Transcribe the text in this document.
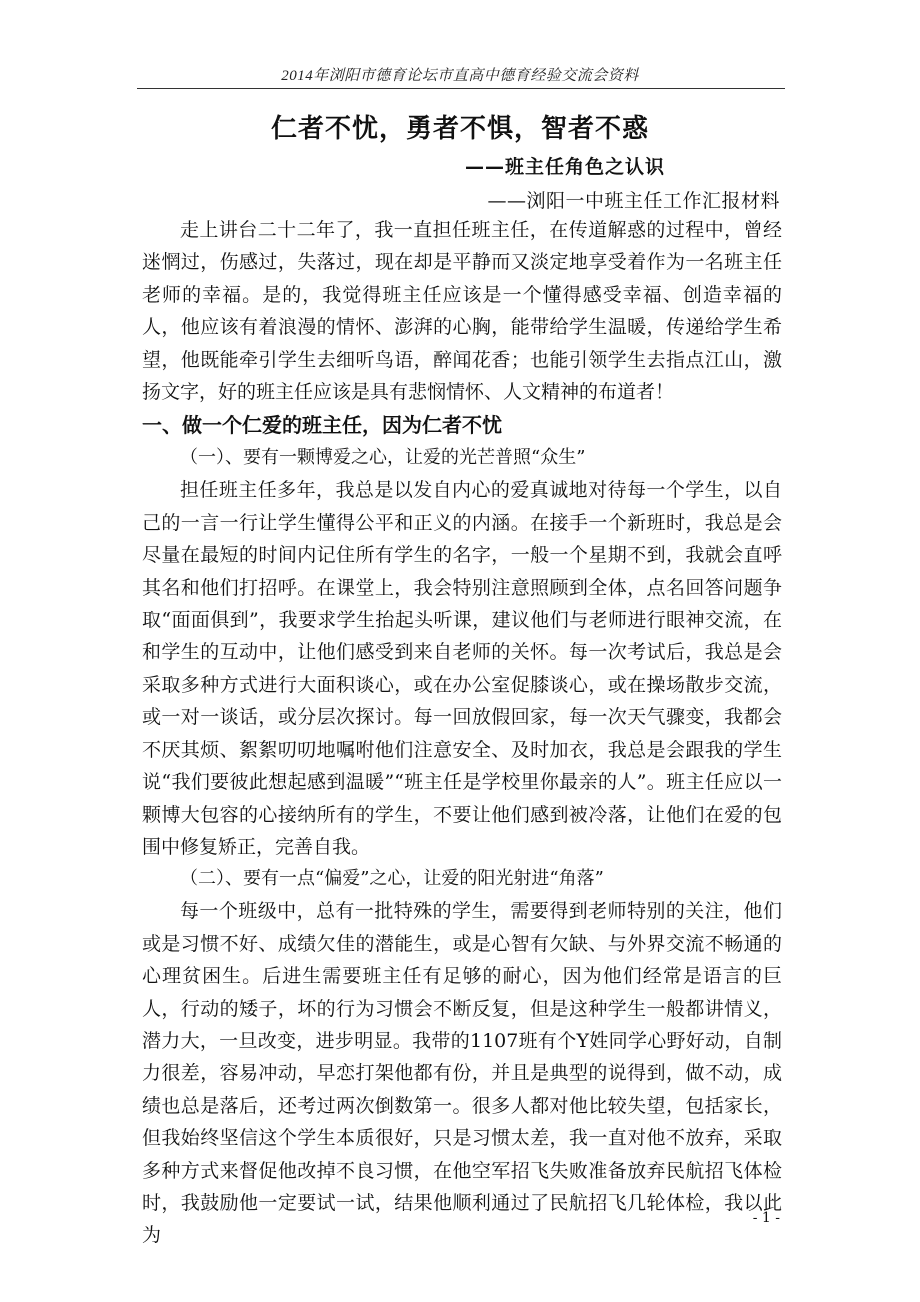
2014年浏阳市德育论坛市直高中德育经验交流会资料
仁者不忧，勇者不惧，智者不惑
——班主任角色之认识
——浏阳一中班主任工作汇报材料

走上讲台二十二年了，我一直担任班主任，在传道解惑的过程中，曾经迷惘过，伤感过，失落过，现在却是平静而又淡定地享受着作为一名班主任老师的幸福。是的，我觉得班主任应该是一个懂得感受幸福、创造幸福的人，他应该有着浪漫的情怀、澎湃的心胸，能带给学生温暖，传递给学生希望，他既能牵引学生去细听鸟语，醉闻花香；也能引领学生去指点江山，激扬文字，好的班主任应该是具有悲悯情怀、人文精神的布道者！

一、做一个仁爱的班主任，因为仁者不忧

（一）、要有一颗博爱之心，让爱的光芒普照“众生”

担任班主任多年，我总是以发自内心的爱真诚地对待每一个学生，以自己的一言一行让学生懂得公平和正义的内涵。在接手一个新班时，我总是会尽量在最短的时间内记住所有学生的名字，一般一个星期不到，我就会直呼其名和他们打招呼。在课堂上，我会特别注意照顾到全体，点名回答问题争取“面面俱到”，我要求学生抬起头听课，建议他们与老师进行眼神交流，在和学生的互动中，让他们感受到来自老师的关怀。每一次考试后，我总是会采取多种方式进行大面积谈心，或在办公室促膝谈心，或在操场散步交流，或一对一谈话，或分层次探讨。每一回放假回家，每一次天气骤变，我都会不厌其烦、絮絮叨叨地嘱咐他们注意安全、及时加衣，我总是会跟我的学生说“我们要彼此想起感到温暖”“班主任是学校里你最亲的人”。班主任应以一颗博大包容的心接纳所有的学生，不要让他们感到被冷落，让他们在爱的包围中修复矫正，完善自我。

（二）、要有一点“偏爱”之心，让爱的阳光射进“角落”

每一个班级中，总有一批特殊的学生，需要得到老师特别的关注，他们或是习惯不好、成绩欠佳的潜能生，或是心智有欠缺、与外界交流不畅通的心理贫困生。后进生需要班主任有足够的耐心，因为他们经常是语言的巨人，行动的矮子，坏的行为习惯会不断反复，但是这种学生一般都讲情义，潜力大，一旦改变，进步明显。我带的1107班有个Y姓同学心野好动，自制力很差，容易冲动，早恋打架他都有份，并且是典型的说得到，做不动，成绩也总是落后，还考过两次倒数第一。很多人都对他比较失望，包括家长，但我始终坚信这个学生本质很好，只是习惯太差，我一直对他不放弃，采取多种方式来督促他改掉不良习惯，在他空军招飞失败准备放弃民航招飞体检时，我鼓励他一定要试一试，结果他顺利通过了民航招飞几轮体检，我以此为

- 1 -
